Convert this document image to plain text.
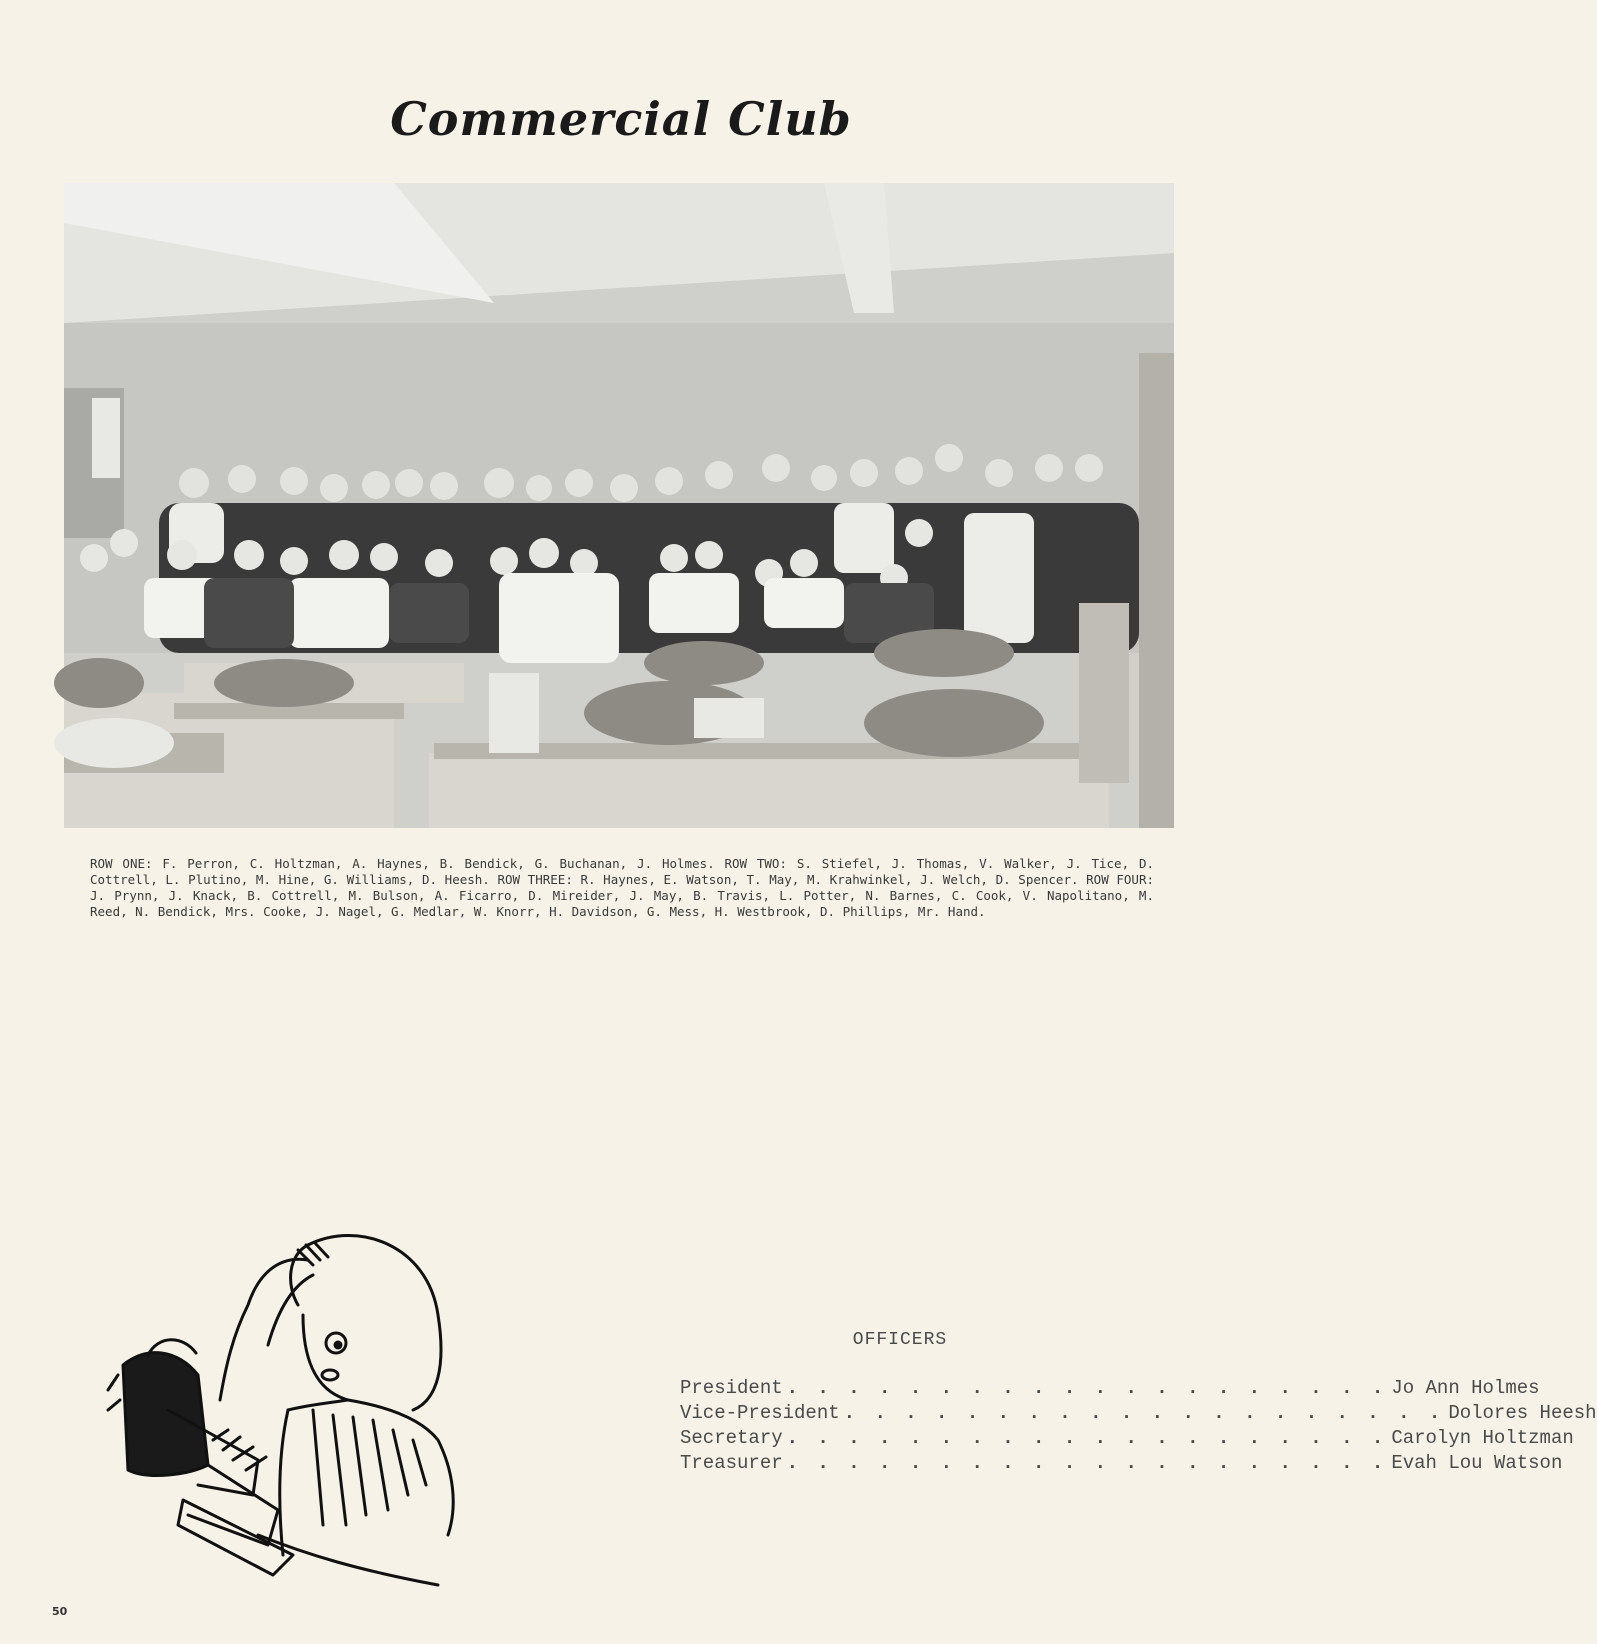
Commercial Club
ROW ONE: F. Perron, C. Holtzman, A. Haynes, B. Bendick, G. Buchanan, J. Holmes. ROW TWO: S. Stiefel, J. Thomas, V. Walker, J. Tice, D. Cottrell, L. Plutino, M. Hine, G. Williams, D. Heesh. ROW THREE: R. Haynes, E. Watson, T. May, M. Krahwinkel, J. Welch, D. Spencer. ROW FOUR: J. Prynn, J. Knack, B. Cottrell, M. Bulson, A. Ficarro, D. Mireider, J. May, B. Travis, L. Potter, N. Barnes, C. Cook, V. Napolitano, M. Reed, N. Bendick, Mrs. Cooke, J. Nagel, G. Medlar, W. Knorr, H. Davidson, G. Mess, H. Westbrook, D. Phillips, Mr. Hand.
OFFICERS
President . . . . . . . . . . . . . . . . . . . . Jo Ann Holmes
Vice-President . . . . . . . . . . . . . . . . . . . . Dolores Heesh
Secretary . . . . . . . . . . . . . . . . . . . . Carolyn Holtzman
Treasurer . . . . . . . . . . . . . . . . . . . . Evah Lou Watson
50
